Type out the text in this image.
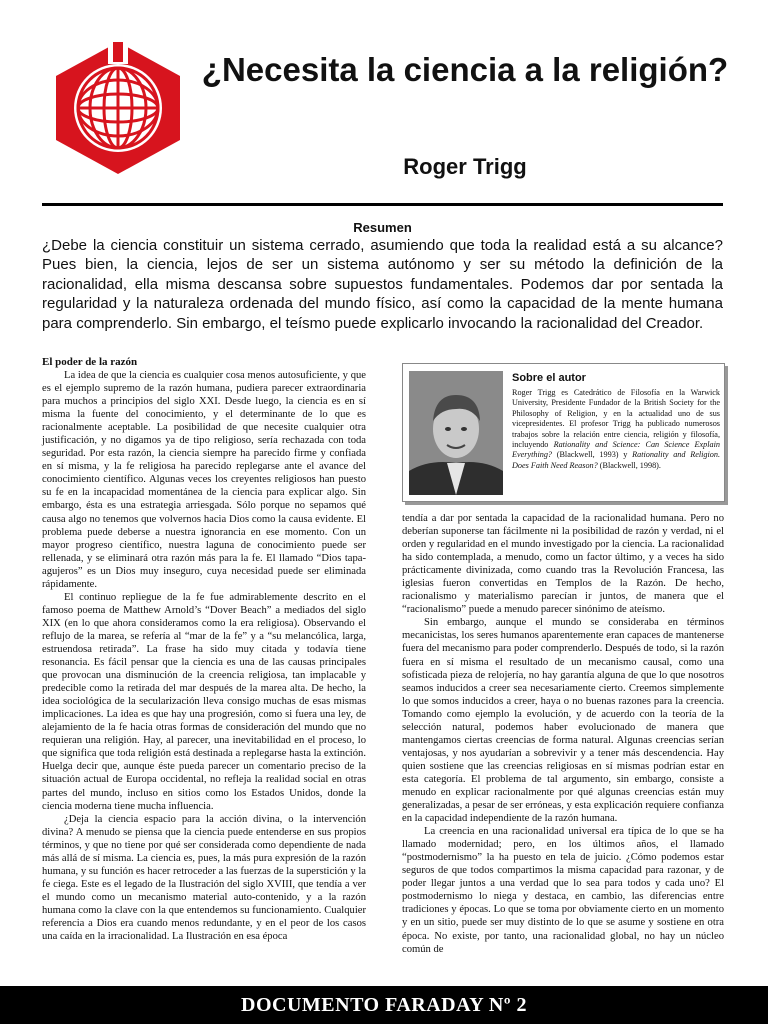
¿Necesita la ciencia a la religión?
Roger Trigg
Resumen

¿Debe la ciencia constituir un sistema cerrado, asumiendo que toda la realidad está a su alcance? Pues bien, la ciencia, lejos de ser un sistema autónomo y ser su método la definición de la racionalidad, ella misma descansa sobre supuestos fundamentales. Podemos dar por sentada la regularidad y la naturaleza ordenada del mundo físico, así como la capacidad de la mente humana para comprenderlo. Sin embargo, el teísmo puede explicarlo invocando la racionalidad del Creador.

El poder de la razón

La idea de que la ciencia es cualquier cosa menos autosuficiente, y que es el ejemplo supremo de la razón humana, pudiera parecer extraordinaria para muchos a principios del siglo XXI. Desde luego, la ciencia es en sí misma la fuente del conocimiento, y el determinante de lo que es racionalmente aceptable. La posibilidad de que necesite cualquier otra justificación, y no digamos ya de tipo religioso, sería rechazada con toda seguridad. Por esta razón, la ciencia siempre ha parecido firme y confiada en sí misma, y la fe religiosa ha parecido replegarse ante el avance del conocimiento científico. Algunas veces los creyentes religiosos han puesto su fe en la incapacidad momentánea de la ciencia para explicar algo. Sin embargo, ésta es una estrategia arriesgada. Sólo porque no sepamos qué causa algo no tenemos que volvernos hacia Dios como la causa evidente. El problema puede deberse a nuestra ignorancia en ese momento. Con un mayor progreso científico, nuestra laguna de conocimiento puede ser rellenada, y se eliminará otra razón más para la fe. El llamado “Dios tapa-agujeros” es un Dios muy inseguro, cuya necesidad puede ser eliminada rápidamente.

El continuo repliegue de la fe fue admirablemente descrito en el famoso poema de Matthew Arnold’s “Dover Beach” a mediados del siglo XIX (en lo que ahora consideramos como la era religiosa). Observando el reflujo de la marea, se refería al “mar de la fe” y a “su melancólica, larga, estruendosa retirada”. La frase ha sido muy citada y todavía tiene resonancia. Es fácil pensar que la ciencia es una de las causas principales que provocan una disminución de la creencia religiosa, tan implacable y predecible como la retirada del mar después de la marea alta. De hecho, la idea sociológica de la secularización lleva consigo muchas de esas mismas implicaciones. La idea es que hay una progresión, como si fuera una ley, de alejamiento de la fe hacia otras formas de consideración del mundo que no requieran una religión. Hay, al parecer, una inevitabilidad en el proceso, lo que significa que toda religión está destinada a replegarse hasta la extinción. Huelga decir que, aunque éste pueda parecer un comentario preciso de la situación actual de Europa occidental, no refleja la realidad social en otras partes del mundo, incluso en sitios como los Estados Unidos, donde la ciencia moderna tiene mucha influencia.

¿Deja la ciencia espacio para la acción divina, o la intervención divina? A menudo se piensa que la ciencia puede entenderse en sus propios términos, y que no tiene por qué ser considerada como dependiente de nada más allá de sí misma. La ciencia es, pues, la más pura expresión de la razón humana, y su función es hacer retroceder a las fuerzas de la superstición y la fe ciega. Este es el legado de la Ilustración del siglo XVIII, que tendía a ver el mundo como un mecanismo material auto-contenido, y a la razón humana como la clave con la que entendemos su funcionamiento. Cualquier referencia a Dios era cuando menos redundante, y en el peor de los casos una caída en la irracionalidad. La Ilustración en esa época

Sobre el autor

Roger Trigg es Catedrático de Filosofía en la Warwick University, Presidente Fundador de la British Society for the Philosophy of Religion, y en la actualidad uno de sus vicepresidentes. El profesor Trigg ha publicado numerosos trabajos sobre la relación entre ciencia, religión y filosofía, incluyendo Rationality and Science: Can Science Explain Everything? (Blackwell, 1993) y Rationality and Religion. Does Faith Need Reason? (Blackwell, 1998).

tendía a dar por sentada la capacidad de la racionalidad humana. Pero no deberían suponerse tan fácilmente ni la posibilidad de razón y verdad, ni el orden y regularidad en el mundo investigado por la ciencia. La racionalidad ha sido contemplada, a menudo, como un factor último, y a veces ha sido prácticamente divinizada, como cuando tras la Revolución Francesa, las iglesias fueron convertidas en Templos de la Razón. De hecho, racionalismo y materialismo parecían ir juntos, de manera que el “racionalismo” puede a menudo parecer sinónimo de ateísmo.

Sin embargo, aunque el mundo se consideraba en términos mecanicistas, los seres humanos aparentemente eran capaces de mantenerse fuera del mecanismo para poder comprenderlo. Después de todo, si la razón fuera en sí misma el resultado de un mecanismo causal, como una sofisticada pieza de relojería, no hay garantía alguna de que lo que nosotros seamos inducidos a creer sea necesariamente cierto. Creemos simplemente lo que somos inducidos a creer, haya o no buenas razones para la creencia. Tomando como ejemplo la evolución, y de acuerdo con la teoría de la selección natural, podemos haber evolucionado de manera que mantengamos ciertas creencias de forma natural. Algunas creencias serían ventajosas, y nos ayudarían a sobrevivir y a tener más descendencia. Hay quien sostiene que las creencias religiosas en sí mismas podrían estar en esta categoría. El problema de tal argumento, sin embargo, consiste a menudo en explicar racionalmente por qué algunas creencias están muy generalizadas, a pesar de ser erróneas, y esta explicación requiere confianza en la capacidad independiente de la razón humana.

La creencia en una racionalidad universal era típica de lo que se ha llamado modernidad; pero, en los últimos años, el llamado “postmodernismo” la ha puesto en tela de juicio. ¿Cómo podemos estar seguros de que todos compartimos la misma capacidad para razonar, y de poder llegar juntos a una verdad que lo sea para todos y cada uno? El postmodernismo lo niega y destaca, en cambio, las diferencias entre tradiciones y épocas. Lo que se toma por obviamente cierto en un momento y en un sitio, puede ser muy distinto de lo que se asume y sostiene en otra época. No existe, por tanto, una racionalidad global, no hay un núcleo común de

DOCUMENTO FARADAY Nº 2
